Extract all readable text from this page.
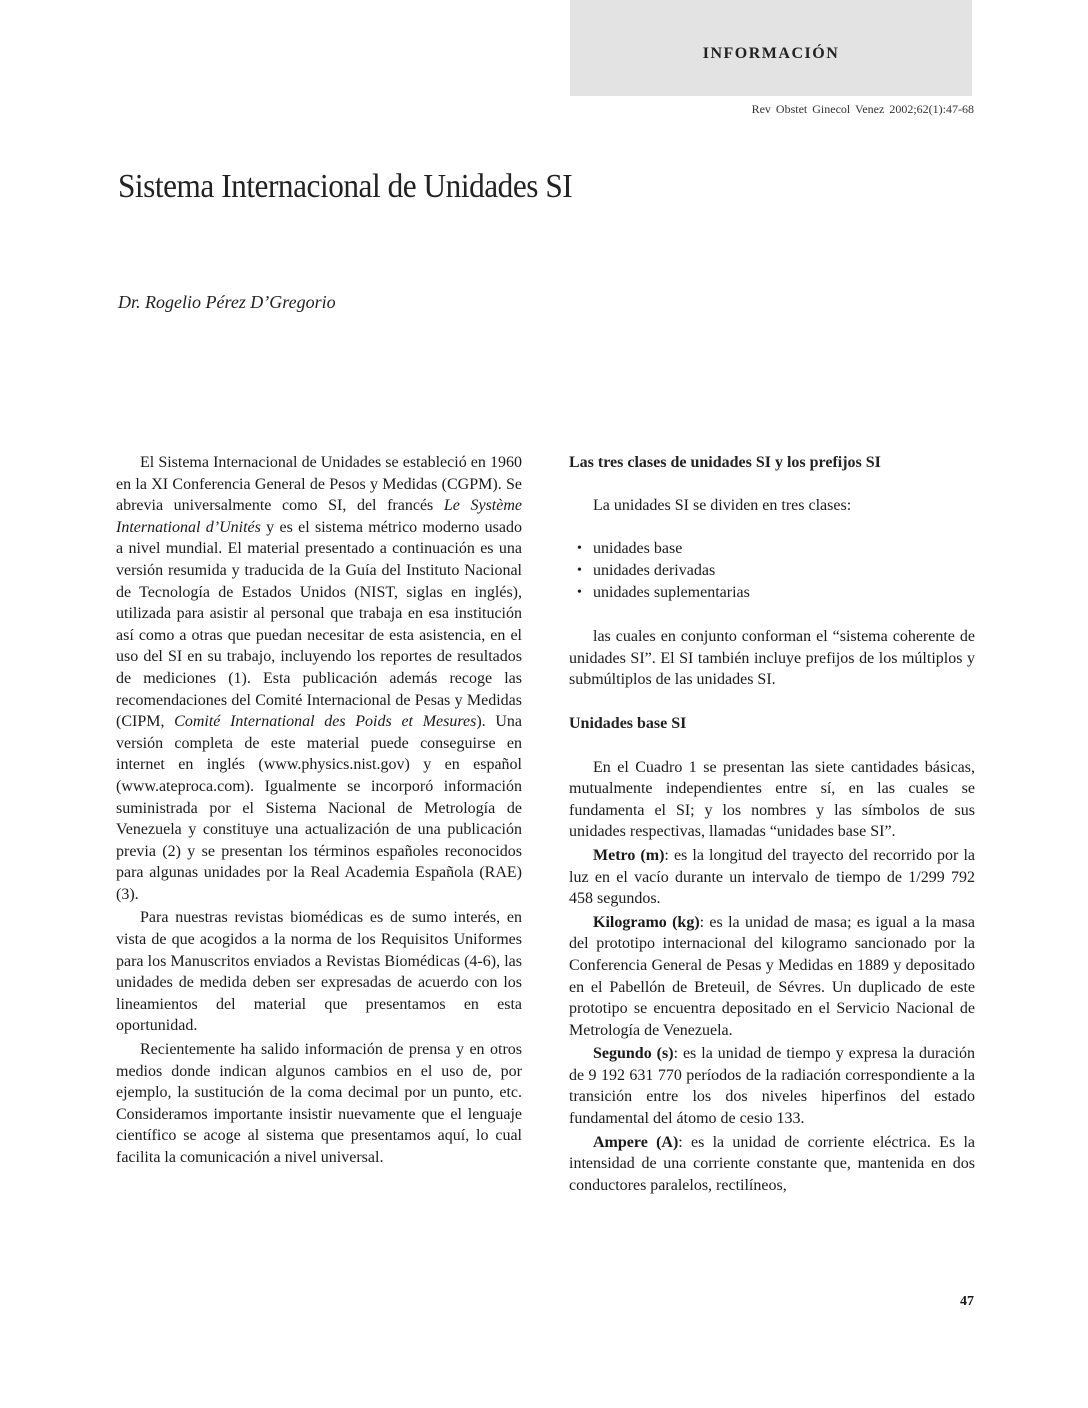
INFORMACIÓN
Rev Obstet Ginecol Venez 2002;62(1):47-68
Sistema Internacional de Unidades SI
Dr. Rogelio Pérez D’Gregorio

El Sistema Internacional de Unidades se estableció en 1960 en la XI Conferencia General de Pesos y Medidas (CGPM). Se abrevia universalmente como SI, del francés Le Système International d’Unités y es el sistema métrico moderno usado a nivel mundial. El material presentado a continuación es una versión resumida y traducida de la Guía del Instituto Nacional de Tecnología de Estados Unidos (NIST, siglas en inglés), utilizada para asistir al personal que trabaja en esa institución así como a otras que puedan necesitar de esta asistencia, en el uso del SI en su trabajo, incluyendo los reportes de resultados de mediciones (1). Esta publicación además recoge las recomendaciones del Comité Internacional de Pesas y Medidas (CIPM, Comité International des Poids et Mesures). Una versión completa de este material puede conseguirse en internet en inglés (www.physics.nist.gov) y en español (www.ateproca.com). Igualmente se incorporó información suministrada por el Sistema Nacional de Metrología de Venezuela y constituye una actualización de una publicación previa (2) y se presentan los términos españoles reconocidos para algunas unidades por la Real Academia Española (RAE) (3).

Para nuestras revistas biomédicas es de sumo interés, en vista de que acogidos a la norma de los Requisitos Uniformes para los Manuscritos enviados a Revistas Biomédicas (4-6), las unidades de medida deben ser expresadas de acuerdo con los lineamientos del material que presentamos en esta oportunidad.

Recientemente ha salido información de prensa y en otros medios donde indican algunos cambios en el uso de, por ejemplo, la sustitución de la coma decimal por un punto, etc. Consideramos importante insistir nuevamente que el lenguaje científico se acoge al sistema que presentamos aquí, lo cual facilita la comunicación a nivel universal.

Las tres clases de unidades SI y los prefijos SI

La unidades SI se dividen en tres clases:

• unidades base
• unidades derivadas
• unidades suplementarias

las cuales en conjunto conforman el “sistema coherente de unidades SI”. El SI también incluye prefijos de los múltiplos y submúltiplos de las unidades SI.

Unidades base SI

En el Cuadro 1 se presentan las siete cantidades básicas, mutualmente independientes entre sí, en las cuales se fundamenta el SI; y los nombres y las símbolos de sus unidades respectivas, llamadas “unidades base SI”.

Metro (m): es la longitud del trayecto del recorrido por la luz en el vacío durante un intervalo de tiempo de 1/299 792 458 segundos.

Kilogramo (kg): es la unidad de masa; es igual a la masa del prototipo internacional del kilogramo sancionado por la Conferencia General de Pesas y Medidas en 1889 y depositado en el Pabellón de Breteuil, de Sévres. Un duplicado de este prototipo se encuentra depositado en el Servicio Nacional de Metrología de Venezuela.

Segundo (s): es la unidad de tiempo y expresa la duración de 9 192 631 770 períodos de la radiación correspondiente a la transición entre los dos niveles hiperfinos del estado fundamental del átomo de cesio 133.

Ampere (A): es la unidad de corriente eléctrica. Es la intensidad de una corriente constante que, mantenida en dos conductores paralelos, rectilíneos,

47
